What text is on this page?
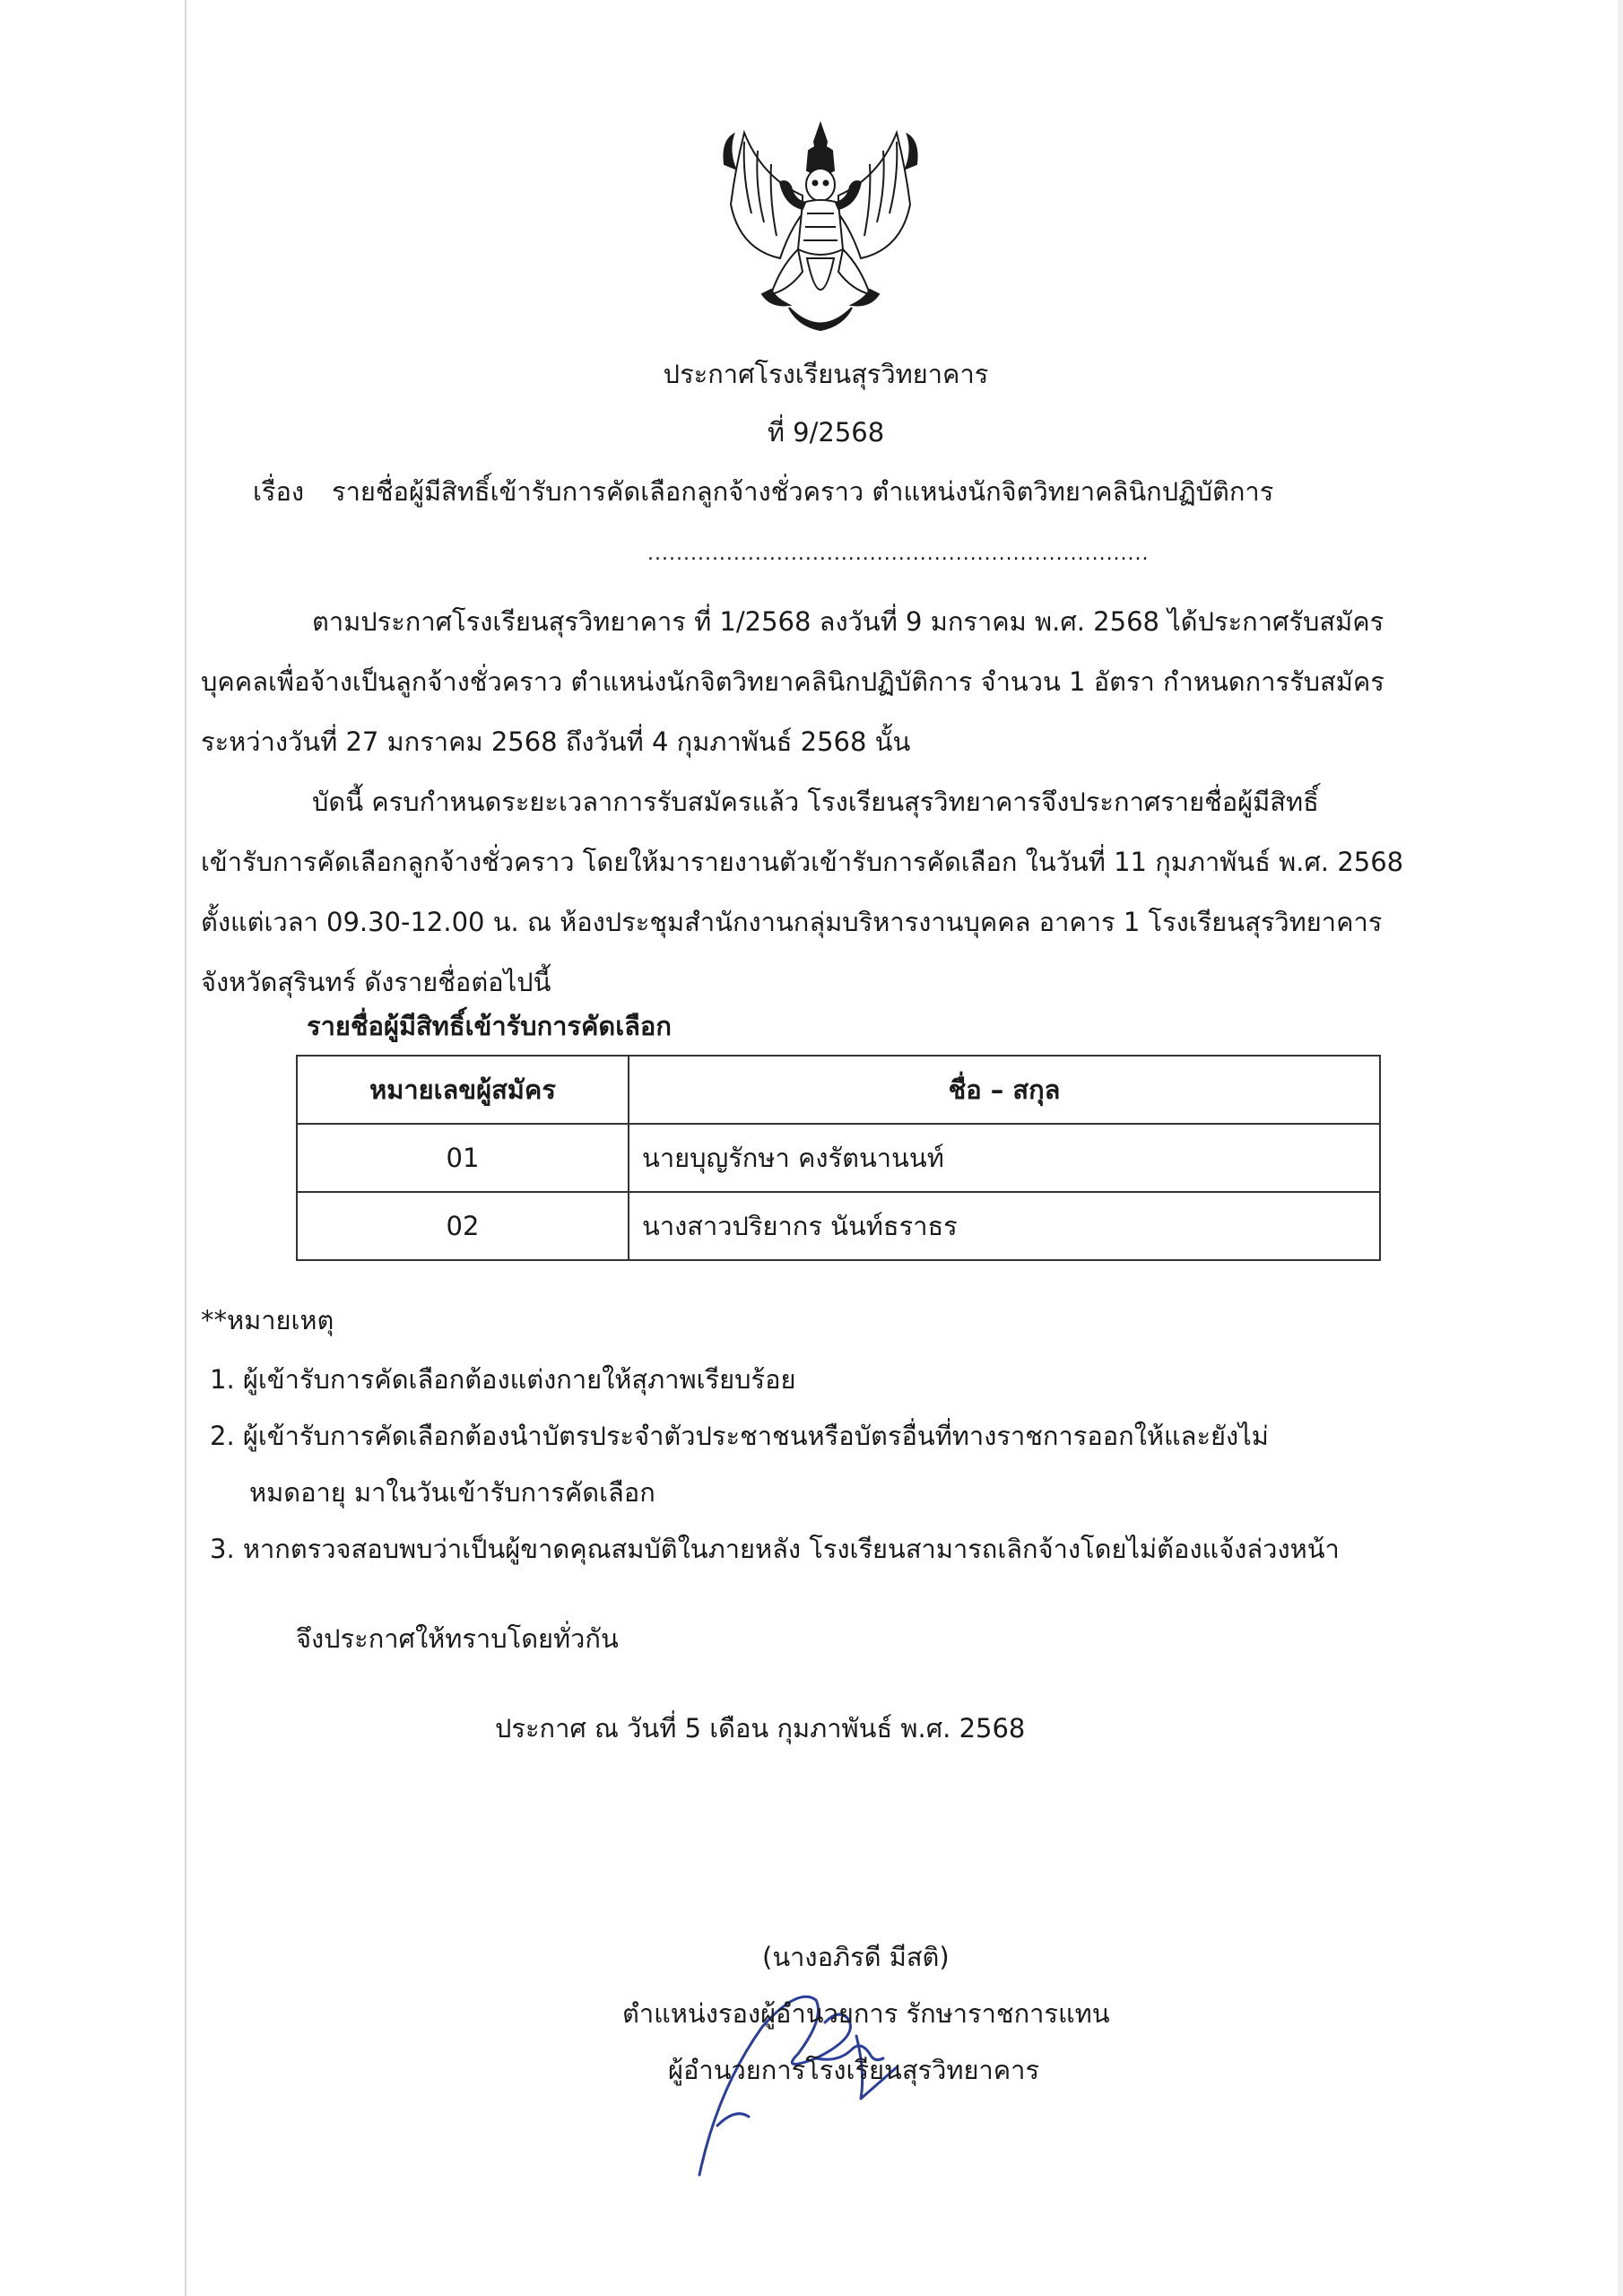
ประกาศโรงเรียนสุรวิทยาคาร
ที่ 9/2568
เรื่อง รายชื่อผู้มีสิทธิ์เข้ารับการคัดเลือกลูกจ้างชั่วคราว ตำแหน่งนักจิตวิทยาคลินิกปฏิบัติการ
......................................................................
ตามประกาศโรงเรียนสุรวิทยาคาร ที่ 1/2568 ลงวันที่ 9 มกราคม พ.ศ. 2568 ได้ประกาศรับสมัคร
บุคคลเพื่อจ้างเป็นลูกจ้างชั่วคราว ตำแหน่งนักจิตวิทยาคลินิกปฏิบัติการ จำนวน 1 อัตรา กำหนดการรับสมัคร
ระหว่างวันที่ 27 มกราคม 2568 ถึงวันที่ 4 กุมภาพันธ์ 2568 นั้น
บัดนี้ ครบกำหนดระยะเวลาการรับสมัครแล้ว โรงเรียนสุรวิทยาคารจึงประกาศรายชื่อผู้มีสิทธิ์
เข้ารับการคัดเลือกลูกจ้างชั่วคราว โดยให้มารายงานตัวเข้ารับการคัดเลือก ในวันที่ 11 กุมภาพันธ์ พ.ศ. 2568
ตั้งแต่เวลา 09.30-12.00 น. ณ ห้องประชุมสำนักงานกลุ่มบริหารงานบุคคล อาคาร 1 โรงเรียนสุรวิทยาคาร
จังหวัดสุรินทร์ ดังรายชื่อต่อไปนี้
รายชื่อผู้มีสิทธิ์เข้ารับการคัดเลือก
หมายเลขผู้สมัคร	ชื่อ – สกุล
01	นายบุญรักษา คงรัตนานนท์
02	นางสาวปริยากร นันท์ธราธร
**หมายเหตุ
1. ผู้เข้ารับการคัดเลือกต้องแต่งกายให้สุภาพเรียบร้อย
2. ผู้เข้ารับการคัดเลือกต้องนำบัตรประจำตัวประชาชนหรือบัตรอื่นที่ทางราชการออกให้และยังไม่
หมดอายุ มาในวันเข้ารับการคัดเลือก
3. หากตรวจสอบพบว่าเป็นผู้ขาดคุณสมบัติในภายหลัง โรงเรียนสามารถเลิกจ้างโดยไม่ต้องแจ้งล่วงหน้า
จึงประกาศให้ทราบโดยทั่วกัน
ประกาศ ณ วันที่ 5 เดือน กุมภาพันธ์ พ.ศ. 2568
(นางอภิรดี มีสติ)
ตำแหน่งรองผู้อำนวยการ รักษาราชการแทน
ผู้อำนวยการโรงเรียนสุรวิทยาคาร
